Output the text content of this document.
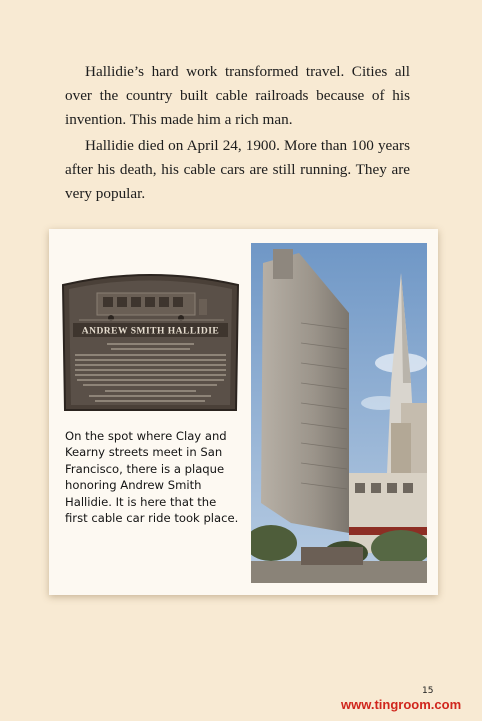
Hallidie’s hard work transformed travel. Cities all over the country built cable railroads because of his invention. This made him a rich man.

Hallidie died on April 24, 1900. More than 100 years after his death, his cable cars are still running. They are very popular.

ANDREW SMITH HALLIDIE

On the spot where Clay and Kearny streets meet in San Francisco, there is a plaque honoring Andrew Smith Hallidie. It is here that the first cable car ride took place.

15
www.tingroom.com
